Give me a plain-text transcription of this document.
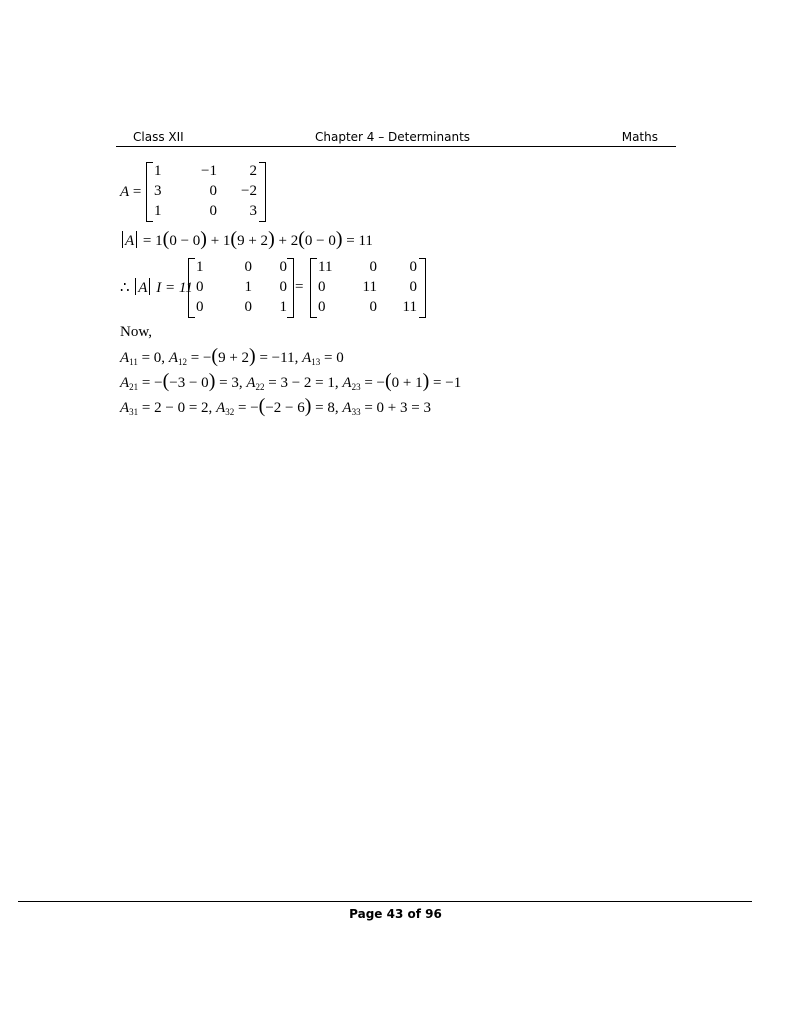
Class XII	Chapter 4 – Determinants	Maths
A =
1	−1	2
3	0	−2
1	0	3
A = 1(0 − 0) + 1(9 + 2) + 2(0 − 0) = 11
∴ A I = 11
1	0	0
0	1	0
0	0	1
=
11	0	0
0	11	0
0	0	11
Now,
$A_{11} = 0$, $A_{12} = -(9 + 2) = -11$, $A_{13} = 0$
$A_{21} = -(-3 - 0) = 3$, $A_{22} = 3 - 2 = 1$, $A_{23} = -(0 + 1) = -1$
$A_{31} = 2 - 0 = 2$, $A_{32} = -(-2 - 6) = 8$, $A_{33} = 0 + 3 = 3$
Page 43 of 96
